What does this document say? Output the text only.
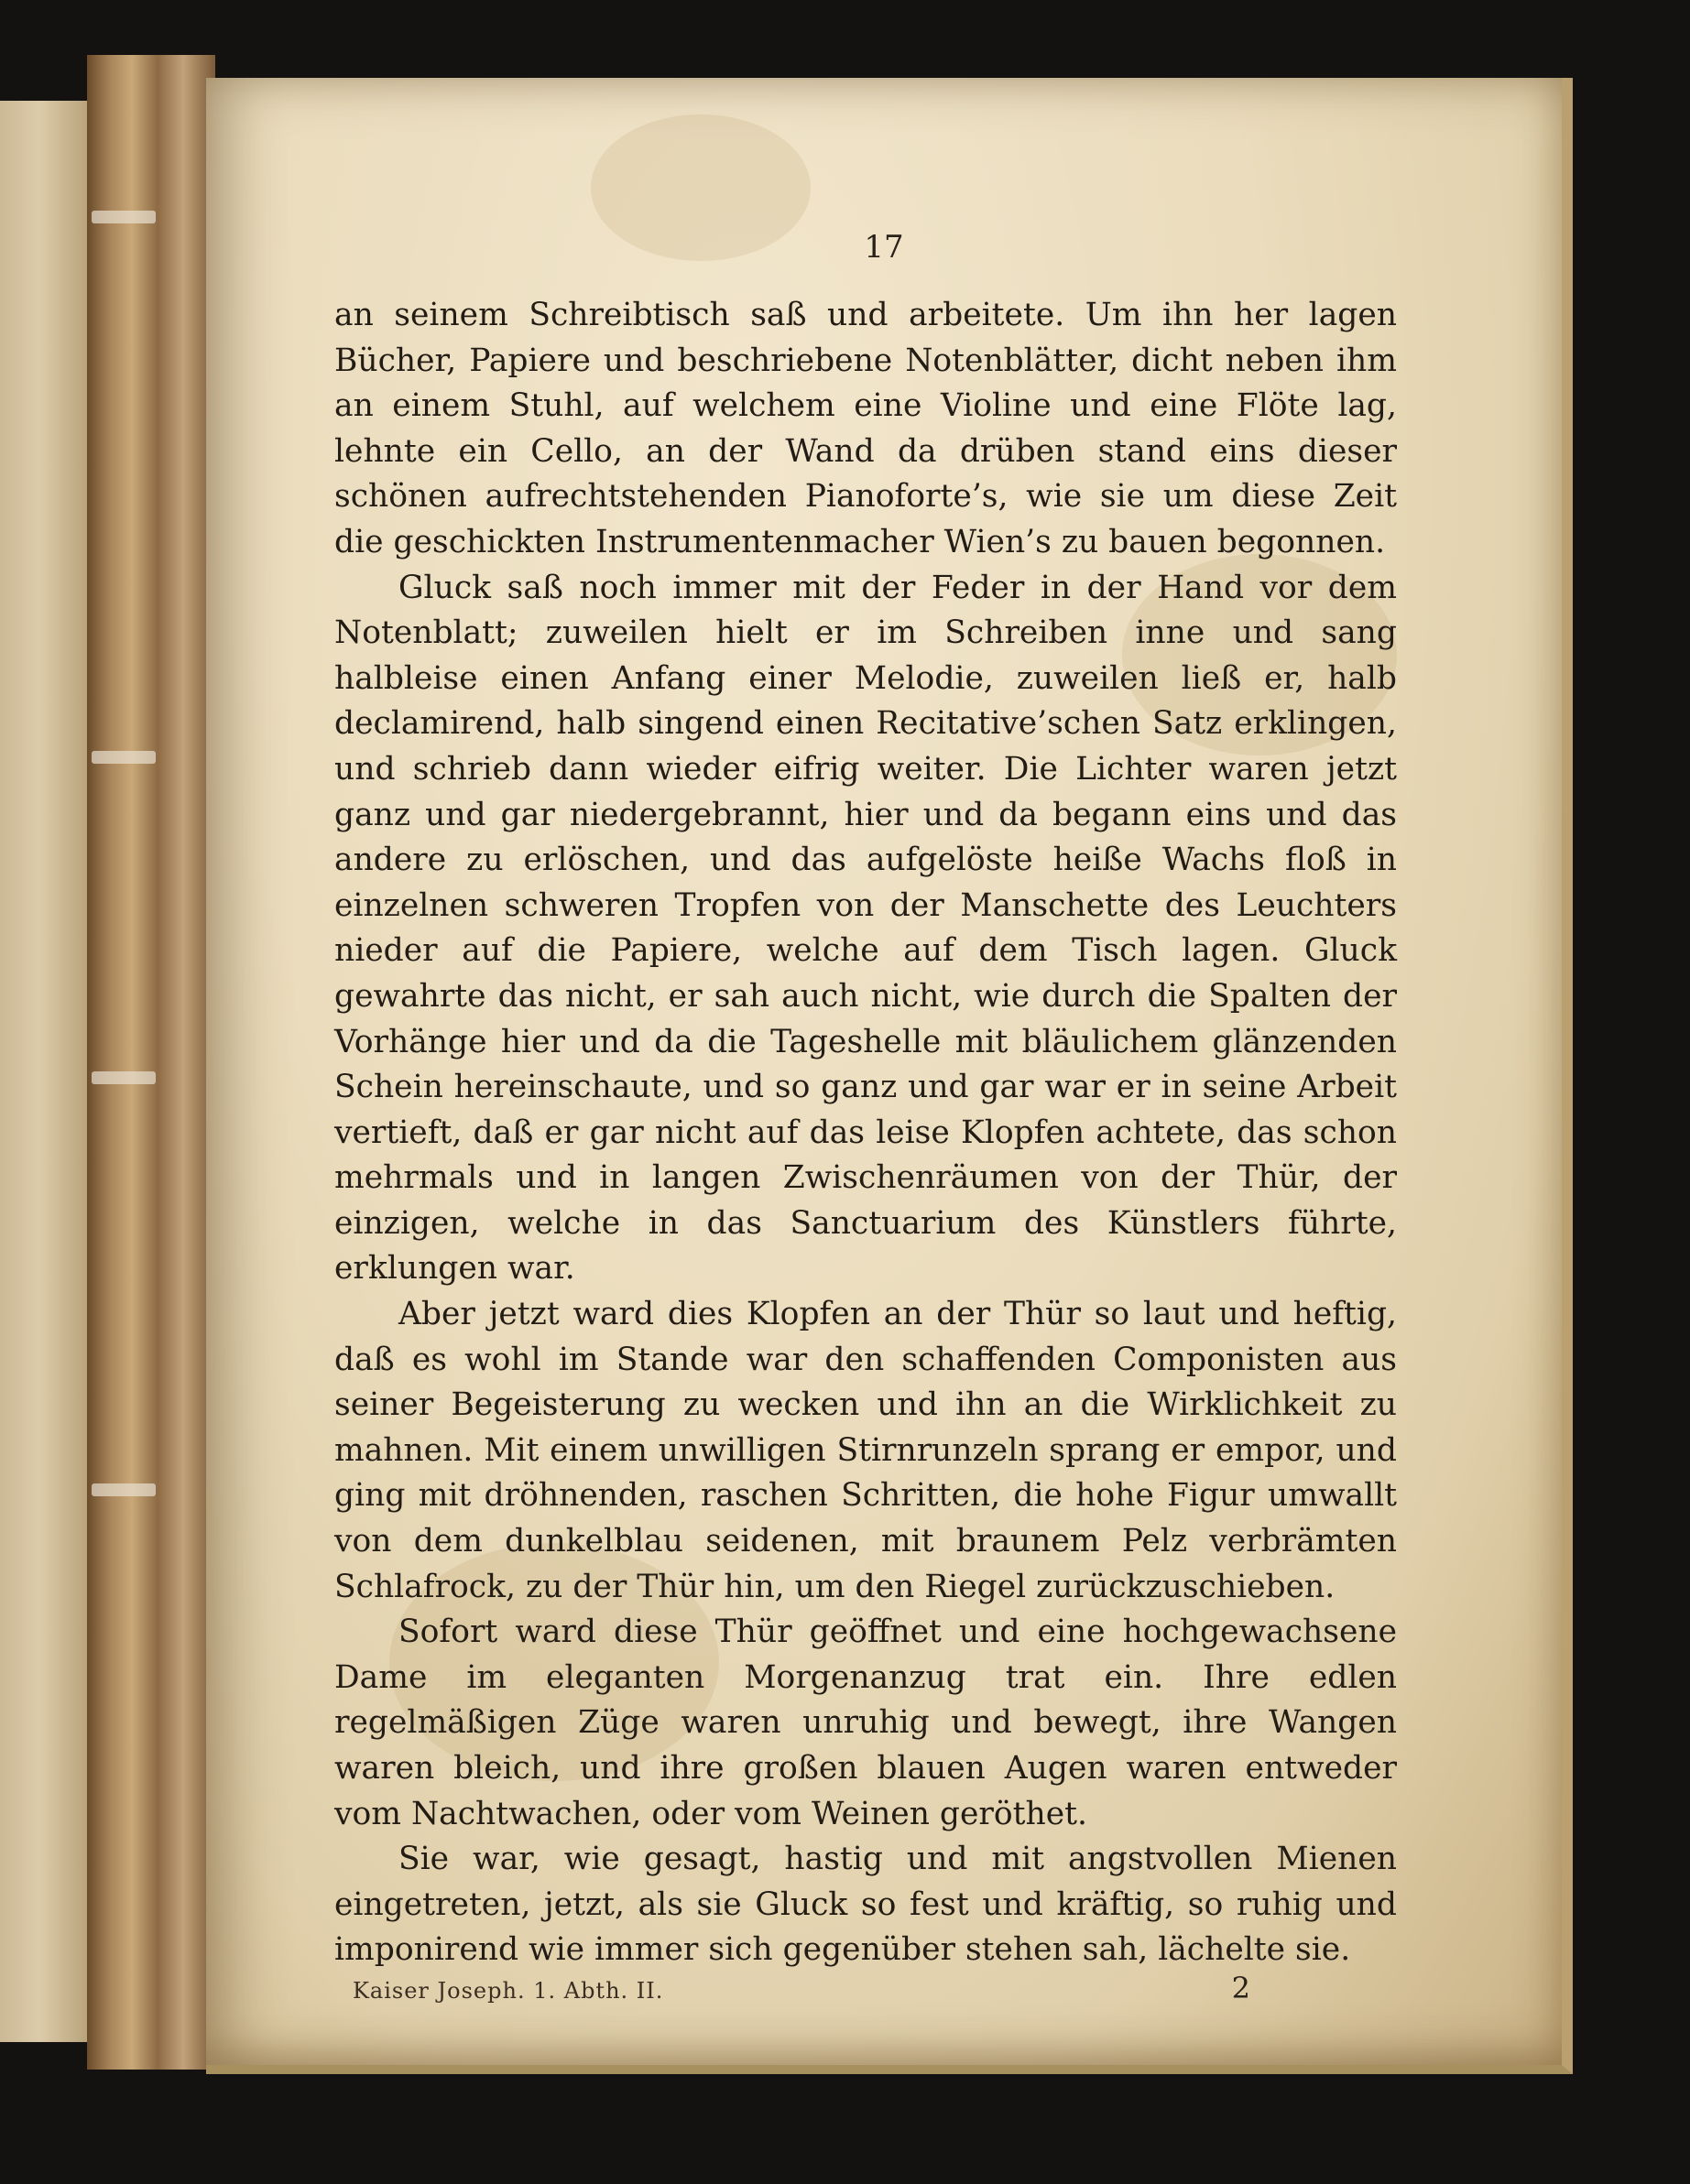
17

an seinem Schreibtisch saß und arbeitete. Um ihn her lagen Bücher, Papiere und beschriebene Notenblätter, dicht neben ihm an einem Stuhl, auf welchem eine Violine und eine Flöte lag, lehnte ein Cello, an der Wand da drüben stand eins dieser schönen aufrechtstehenden Pianoforte’s, wie sie um diese Zeit die geschickten Instrumentenmacher Wien’s zu bauen begonnen.

Gluck saß noch immer mit der Feder in der Hand vor dem Notenblatt; zuweilen hielt er im Schreiben inne und sang halbleise einen Anfang einer Melodie, zuweilen ließ er, halb declamirend, halb singend einen Recitative’schen Satz erklingen, und schrieb dann wieder eifrig weiter. Die Lichter waren jetzt ganz und gar niedergebrannt, hier und da begann eins und das andere zu erlöschen, und das aufgelöste heiße Wachs floß in einzelnen schweren Tropfen von der Manschette des Leuchters nieder auf die Papiere, welche auf dem Tisch lagen. Gluck gewahrte das nicht, er sah auch nicht, wie durch die Spalten der Vorhänge hier und da die Tageshelle mit bläulichem glänzenden Schein hereinschaute, und so ganz und gar war er in seine Arbeit vertieft, daß er gar nicht auf das leise Klopfen achtete, das schon mehrmals und in langen Zwischenräumen von der Thür, der einzigen, welche in das Sanctuarium des Künstlers führte, erklungen war.

Aber jetzt ward dies Klopfen an der Thür so laut und heftig, daß es wohl im Stande war den schaffenden Componisten aus seiner Begeisterung zu wecken und ihn an die Wirklichkeit zu mahnen. Mit einem unwilligen Stirnrunzeln sprang er empor, und ging mit dröhnenden, raschen Schritten, die hohe Figur umwallt von dem dunkelblau seidenen, mit braunem Pelz verbrämten Schlafrock, zu der Thür hin, um den Riegel zurückzuschieben.

Sofort ward diese Thür geöffnet und eine hochgewachsene Dame im eleganten Morgenanzug trat ein. Ihre edlen regelmäßigen Züge waren unruhig und bewegt, ihre Wangen waren bleich, und ihre großen blauen Augen waren entweder vom Nachtwachen, oder vom Weinen geröthet.

Sie war, wie gesagt, hastig und mit angstvollen Mienen eingetreten, jetzt, als sie Gluck so fest und kräftig, so ruhig und imponirend wie immer sich gegenüber stehen sah, lächelte sie.

Kaiser Joseph. 1. Abth. II.	2
